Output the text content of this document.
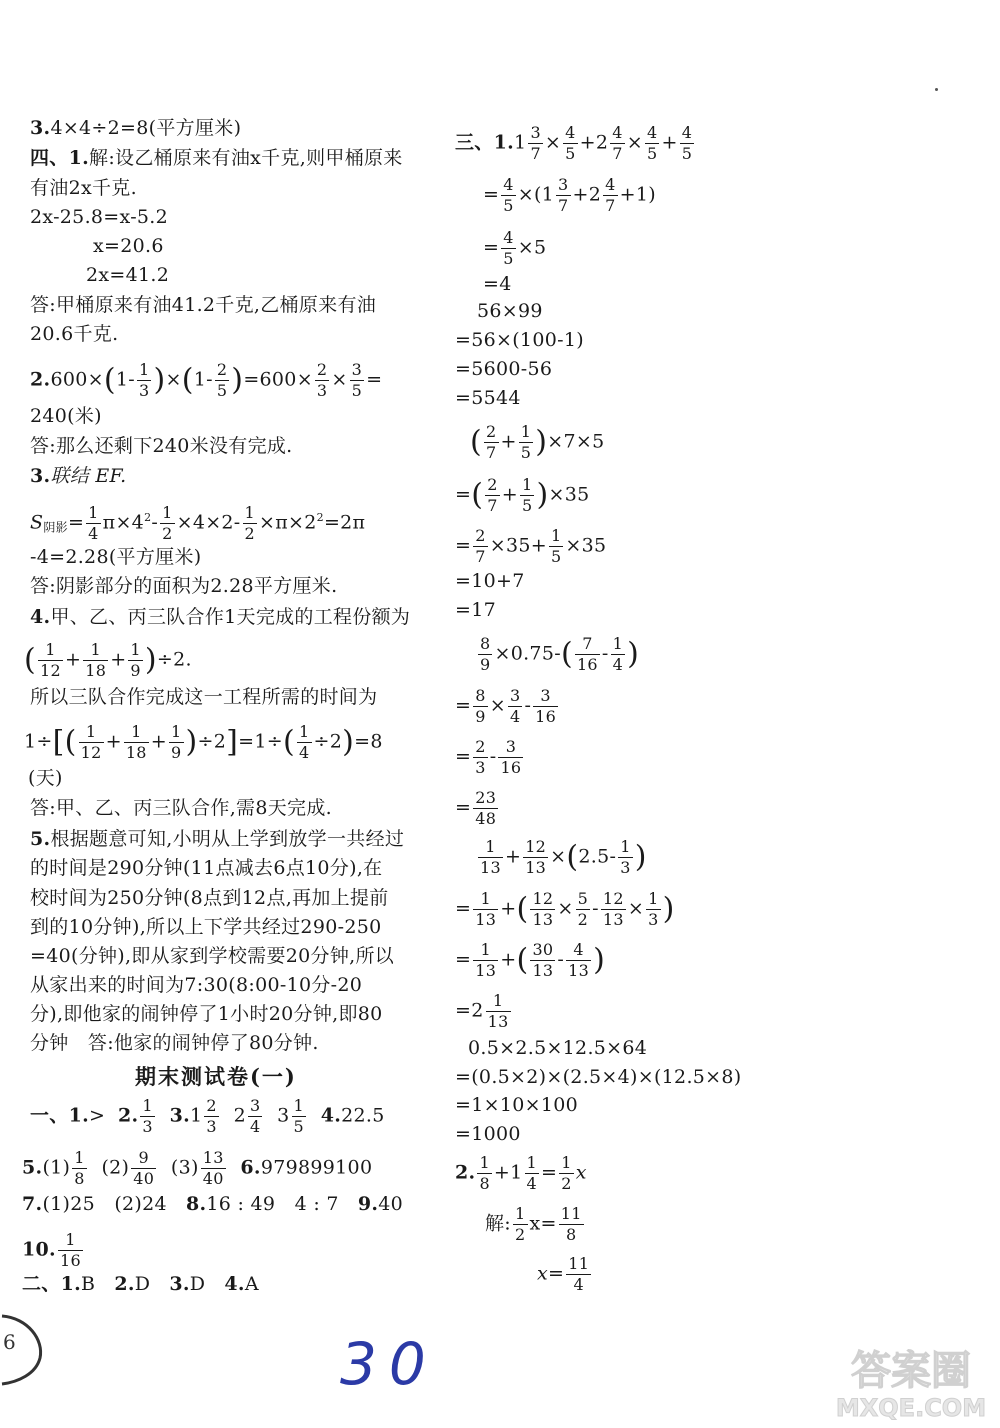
3.4×4÷2=8(平方厘米)
四、1.解:设乙桶原来有油x千克,则甲桶原来
有油2x千克.
2x-25.8=x-5.2
x=20.6
2x=41.2
答:甲桶原来有油41.2千克,乙桶原来有油
20.6千克.
$2.600\times(1- \frac{1}{3} )\times(1- \frac{2}{5} )=600\times \frac{2}{3} \times \frac{3}{5}$ =
240(米)
答:那么还剩下240米没有完成.
3.联结 EF.
$S_{阴影}= \frac{1}{4} \pi\times 4^2- \frac{1}{2} \times 4\times 2- \frac{1}{2} \times\pi\times 2^2=2\pi$
-4=2.28(平方厘米)
答:阴影部分的面积为2.28平方厘米.
4.甲、乙、丙三队合作1天完成的工程份额为
( $\frac{1}{12} + \frac{1}{18} + \frac{1}{9} )\div 2$.
所以三队合作完成这一工程所需的时间为
$1\div[( \frac{1}{12} + \frac{1}{18} + \frac{1}{9} )\div 2]=1\div( \frac{1}{4} \div 2)=8$
(天)
答:甲、乙、丙三队合作,需8天完成.
5.根据题意可知,小明从上学到放学一共经过
的时间是290分钟(11点减去6点10分),在
校时间为250分钟(8点到12点,再加上提前
到的10分钟),所以上下学共经过290-250
=40(分钟),即从家到学校需要20分钟,所以
从家出来的时间为7:30(8:00-10分-20
分),即他家的闹钟停了1小时20分钟,即80
分钟　答:他家的闹钟停了80分钟.
期末测试卷(一)
一、1.> 2. $\frac{1}{3} 3.1 \frac{2}{3} 2 \frac{3}{4} 3 \frac{1}{5} 4.22.5$
$5.(1) \frac{1}{8} (2) \frac{9}{40} (3) \frac{13}{40} 6.979899100$
7.(1)25　(2)24 8.16 : 49　4 : 7 9.40
10. $\frac{1}{16}$
二、1.B 2.D 3.D 4.A
三、$1.1 \frac{3}{7} \times \frac{4}{5} +2 \frac{4}{7} \times \frac{4}{5} + \frac{4}{5}$
= $\frac{4}{5} \times(1 \frac{3}{7} +2 \frac{4}{7} +1)$
= $\frac{4}{5} \times 5$
=4
56×99
=56×(100-1)
=5600-56
=5544
( $\frac{2}{7} + \frac{1}{5} )\times 7\times 5$
=( $\frac{2}{7} + \frac{1}{5} )\times 35$
= $\frac{2}{7} \times 35+ \frac{1}{5} \times 35$
=10+7
=17
$\frac{8}{9} \times 0.75-( \frac{7}{16} - \frac{1}{4}$ )
= $\frac{8}{9} \times \frac{3}{4} - \frac{3}{16}$
= $\frac{2}{3} - \frac{3}{16}$
= $\frac{23}{48}$
$\frac{1}{13} + \frac{12}{13} \times(2.5- \frac{1}{3}$ )
= $\frac{1}{13}$ +( $\frac{12}{13} \times \frac{5}{2} - \frac{12}{13} \times \frac{1}{3}$ )
= $\frac{1}{13}$ +( $\frac{30}{13} - \frac{4}{13}$ )
$=2 \frac{1}{13}$
0.5×2.5×12.5×64
=(0.5×2)×(2.5×4)×(12.5×8)
=1×10×100
=1000
2. $\frac{1}{8} +1 \frac{1}{4} = \frac{1}{2}$ x
解: $\frac{1}{2} x= \frac{11}{8}$
$x= \frac{11}{4}$
6	30	答案圈
MXQE.COM
